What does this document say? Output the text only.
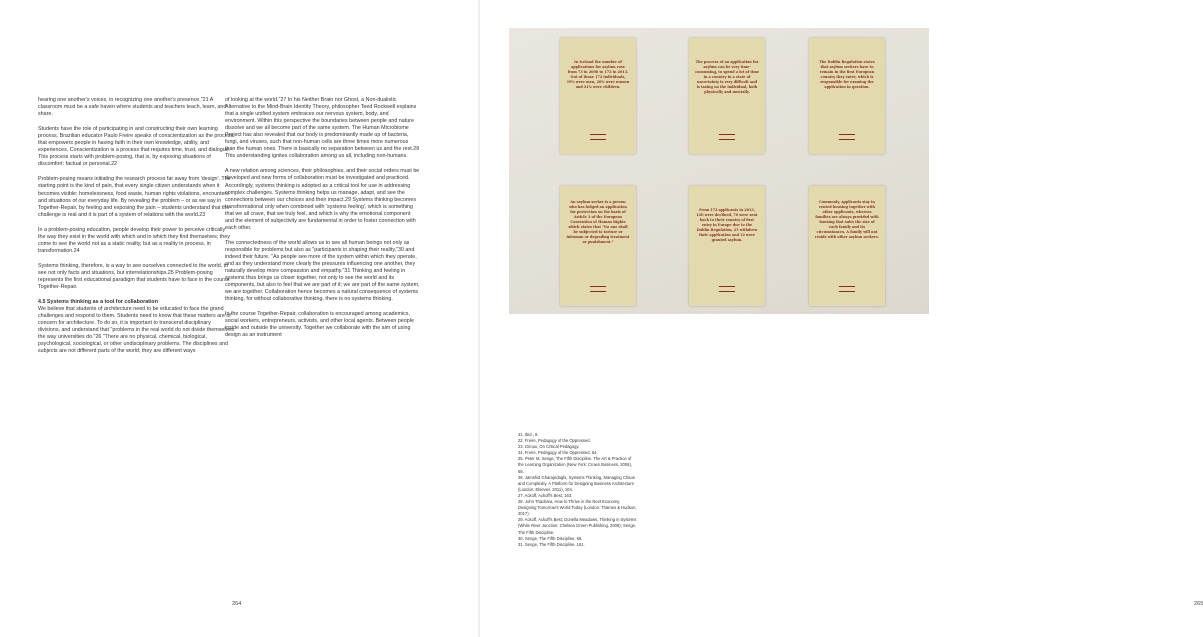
hearing one another's voices, in recognizing one another's presence."21 A classroom must be a safe haven where students and teachers teach, learn, and share.

Students have the role of participating in and constructing their own learning process. Brazilian educator Paulo Freire speaks of conscientization as the process that empowers people in having faith in their own knowledge, ability, and experiences. Conscientization is a process that requires time, trust, and dialogue. This process starts with problem-posing, that is, by exposing situations of discomfort: factual or personal.22

Problem-posing means initiating the research process far away from 'design'. The starting point is the kind of pain, that every single citizen understands when it becomes visible: homelessness, food waste, human rights violations, encounters and situations of our everyday life. By revealing the problem – or as we say in Together-Repair, by feeling and exposing the pain – students understand that the challenge is real and it is part of a system of relations with the world.23

In a problem-posing education, people develop their power to perceive critically the way they exist in the world with which and in which they find themselves; they come to see the world not as a static reality, but as a reality in process, in transformation.24

Systems thinking, therefore, is a way to see ourselves connected to the world, to see not only facts and situations, but interrelationships.25 Problem-posing represents the first educational paradigm that students have to face in the course Together-Repair.

4.5 Systems thinking as a tool for collaboration

We believe that students of architecture need to be educated to face the grand challenges and respond to them. Students need to know that these matters are of concern for architecture. To do so, it is important to transcend disciplinary divisions, and understand that "problems in the real world do not divide themselves the way universities do."26 "There are no physical, chemical, biological, psychological, sociological, or other undisciplinary problems. The disciplines and subjects are not different parts of the world; they are different ways

of looking at the world."27 In his Neither Brain nor Ghost, a Non-dualistic Alternative to the Mind-Brain Identity Theory, philosopher Teed Rockwell explains that a single unified system embraces our nervous system, body, and environment. Within this perspective the boundaries between people and nature dissolve and we all become part of the same system. The Human Microbiome Project has also revealed that our body is predominantly made up of bacteria, fungi, and viruses, such that non-human cells are three times more numerous than the human ones. There is basically no separation between us and the rest.28 This understanding ignites collaboration among us all, including non-humans.

A new relation among sciences, their philosophies, and their social orders must be developed and new forms of collaboration must be investigated and practiced. Accordingly, systems thinking is adopted as a critical tool for use in addressing complex challenges. Systems thinking helps us manage, adapt, and see the connections between our choices and their impact.29 Systems thinking becomes transformational only when combined with 'systems feeling', which is something that we all crave, that we truly feel, and which is why the emotional component and the element of subjectivity are fundamental in order to foster connection with each other.

The connectedness of the world allows us to see all human beings not only as responsible for problems but also as "participants in shaping their reality,"30 and indeed their future. "As people see more of the system within which they operate, and as they understand more clearly the pressures influencing one another, they naturally develop more compassion and empathy."31 Thinking and feeling in systems thus brings us closer together, not only to see the world and its components, but also to feel that we are part of it; we are part of the same system, we are together. Collaboration hence becomes a natural consequence of systems thinking, for without collaborative thinking, there is no systems thinking.

In the course Together-Repair, collaboration is encouraged among academics, social workers, entrepreneurs, activists, and other local agents. Between people inside and outside the university. Together we collaborate with the aim of using design as an instrument

264	265
In Iceland the number of applications for asylum rose from 73 in 2008 to 172 in 2013. Out of those 172 individuals, 19% were men, 20% were women and 21% were children.
The process of an application for asylum can be very time-consuming, to spend a lot of time in a country in a state of uncertainty is very difficult and is taxing on the individual, both physically and mentally.
The Dublin Regulation states that asylum seekers have to remain in the first European country they enter, which is responsible for examing the application in question.
An asylum seeker is a person who has lodged an application for protection on the basis of Article 3 of the European Convention of Human Rights which states that "No one shall be subjected to torture or inhuman or degrading treatment or punishment."
From 172 applicants in 2013, 120 were declined, 70 were sent back to their country of first entry in Europe due to the Dublin Regulation, 25 withdrew their application and 12 were granted asylum.
Commonly, applicants stay in rented housing together with other applicants, whereas families are always provided with housing that suits the size of each family and its circumstances. A family will not reside with other asylum seekers.
21. Ibid., 9.
22. Freire, Pedagogy of the Oppressed.
23. Giroux, On Critical Pedagogy.
24. Freire, Pedagogy of the Oppressed, 54.
25. Peter M. Senge, The Fifth Discipline. The Art & Practice of the Learning Organization (New York: Crown Business, 2006), 68.
26. Jamshid Gharajedaghi, Systems Thinking, Managing Chaos and Complexity. A Platform for Designing Business Architecture (London: Elsevier, 2011), 104.
27. Ackoff, Ackoff's Best, 163.
28. John Thackara, How to Thrive in the Next Economy. Designing Tomorrow's World Today (London: Thames & Hudson, 2017).
29. Ackoff, Ackoff's Best; Donella Meadows, Thinking in Systems (White River Junction: Chelsea Green Publishing, 2008); Senge, The Fifth Discipline.
30. Senge, The Fifth Discipline, 69.
31. Senge, The Fifth Discipline, 161.
